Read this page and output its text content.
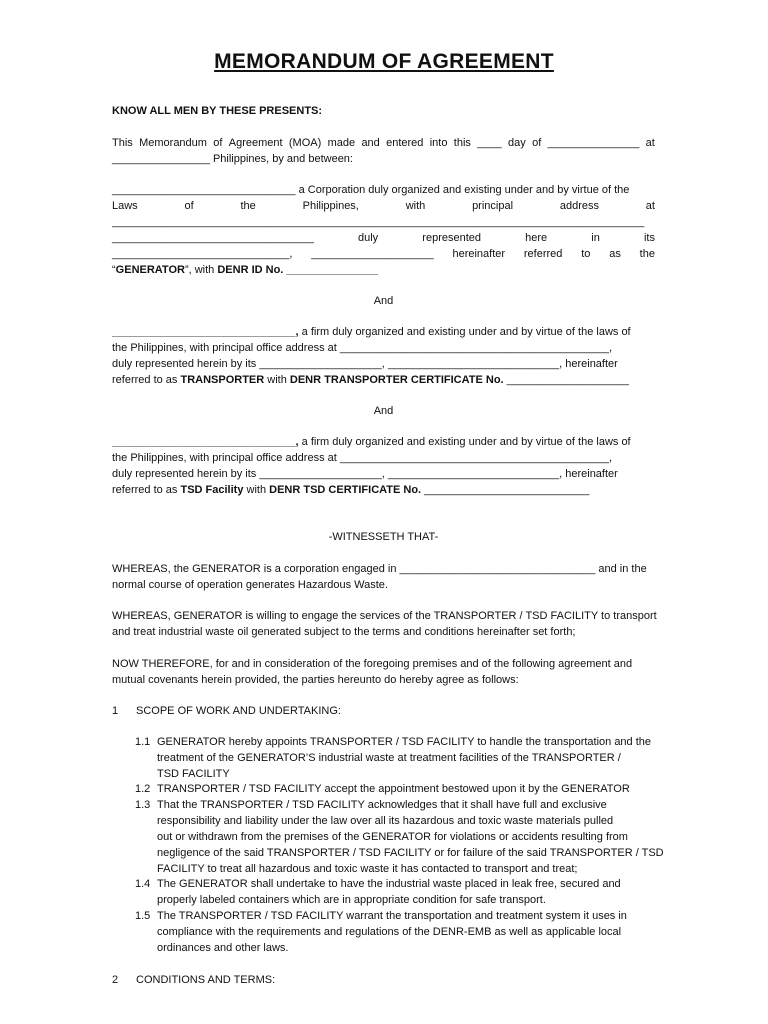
MEMORANDUM OF AGREEMENT
KNOW ALL MEN BY THESE PRESENTS:
This Memorandum of Agreement (MOA) made and entered into this ____ day of _______________ at
________________ Philippines, by and between:
______________________________ a Corporation duly organized and existing under and by virtue of the
Laws	of	the	Philippines,	with	principal	address	at
_______________________________________________________________________________________
_________________________________	duly	represented	here	in	its
_____________________________, ____________________ hereinafter referred to as the
“GENERATOR”, with DENR ID No. _______________
And
______________________________, a firm duly organized and existing under and by virtue of the laws of
the Philippines, with principal office address at ____________________________________________,
duly represented herein by its ____________________, ____________________________, hereinafter
referred to as TRANSPORTER with DENR TRANSPORTER CERTIFICATE No. ____________________
And
______________________________, a firm duly organized and existing under and by virtue of the laws of
the Philippines, with principal office address at ____________________________________________,
duly represented herein by its ____________________, ____________________________, hereinafter
referred to as TSD Facility with DENR TSD CERTIFICATE No. ___________________________
-WITNESSETH THAT-
WHEREAS, the GENERATOR is a corporation engaged in ________________________________ and in the
normal course of operation generates Hazardous Waste.
WHEREAS, GENERATOR is willing to engage the services of the TRANSPORTER / TSD FACILITY to transport
and treat industrial waste oil generated subject to the terms and conditions hereinafter set forth;
NOW THEREFORE, for and in consideration of the foregoing premises and of the following agreement and
mutual covenants herein provided, the parties hereunto do hereby agree as follows:
1 SCOPE OF WORK AND UNDERTAKING:
1.1 GENERATOR hereby appoints TRANSPORTER / TSD FACILITY to handle the transportation and the
treatment of the GENERATOR’S industrial waste at treatment facilities of the TRANSPORTER /
TSD FACILITY
1.2 TRANSPORTER / TSD FACILITY accept the appointment bestowed upon it by the GENERATOR
1.3 That the TRANSPORTER / TSD FACILITY acknowledges that it shall have full and exclusive
responsibility and liability under the law over all its hazardous and toxic waste materials pulled
out or withdrawn from the premises of the GENERATOR for violations or accidents resulting from
negligence of the said TRANSPORTER / TSD FACILITY or for failure of the said TRANSPORTER / TSD
FACILITY to treat all hazardous and toxic waste it has contacted to transport and treat;
1.4 The GENERATOR shall undertake to have the industrial waste placed in leak free, secured and
properly labeled containers which are in appropriate condition for safe transport.
1.5 The TRANSPORTER / TSD FACILITY warrant the transportation and treatment system it uses in
compliance with the requirements and regulations of the DENR-EMB as well as applicable local
ordinances and other laws.
2 CONDITIONS AND TERMS:
